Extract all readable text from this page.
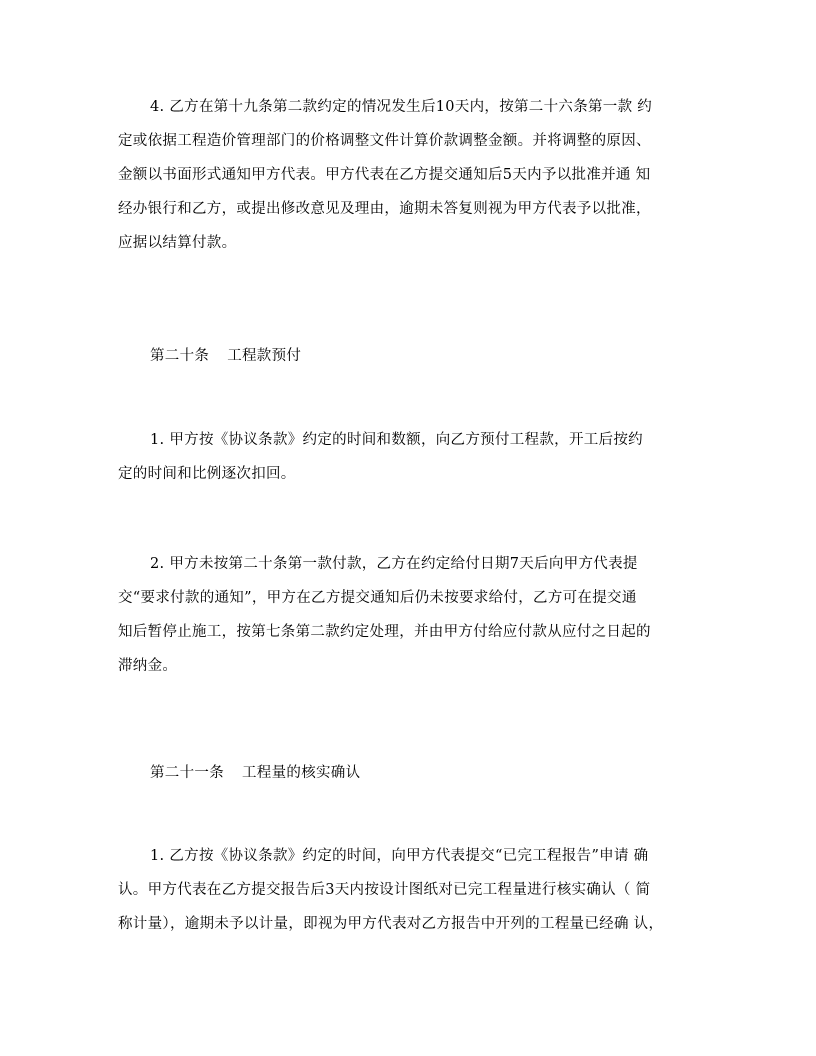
4. 乙方在第十九条第二款约定的情况发生后10天内，按第二十六条第一款 约
定或依据工程造价管理部门的价格调整文件计算价款调整金额。并将调整的原因、
金额以书面形式通知甲方代表。甲方代表在乙方提交通知后5天内予以批准并通 知
经办银行和乙方，或提出修改意见及理由，逾期未答复则视为甲方代表予以批准，
应据以结算付款。
第二十条 工程款预付
1. 甲方按《协议条款》约定的时间和数额，向乙方预付工程款，开工后按约
定的时间和比例逐次扣回。
2. 甲方未按第二十条第一款付款，乙方在约定给付日期7天后向甲方代表提
交“要求付款的通知”，甲方在乙方提交通知后仍未按要求给付，乙方可在提交通
知后暂停止施工，按第七条第二款约定处理，并由甲方付给应付款从应付之日起的
滞纳金。
第二十一条 工程量的核实确认
1. 乙方按《协议条款》约定的时间，向甲方代表提交“已完工程报告”申请 确
认。甲方代表在乙方提交报告后3天内按设计图纸对已完工程量进行核实确认（ 简
称计量），逾期未予以计量，即视为甲方代表对乙方报告中开列的工程量已经确 认，
